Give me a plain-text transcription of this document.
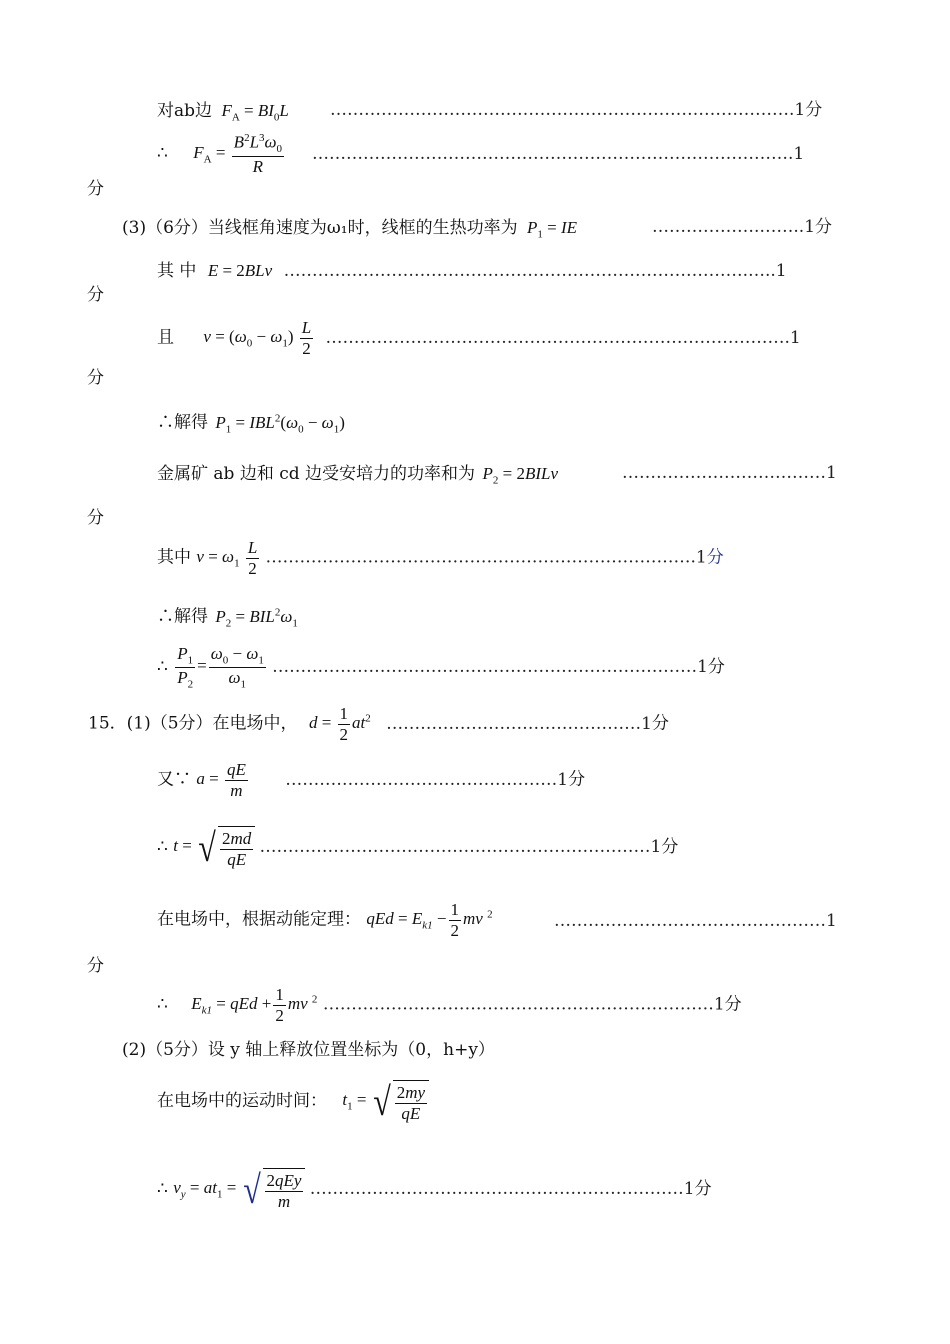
对ab边 $F_A = BI_0L$ ……………………………………………………………………….1分
∴ $F_A = \frac{B^2L^3\omega_0}{R}$ ………………………………………………………………………….1
分
(3)（6分）当线框角速度为ω₁时，线框的生热功率为 $P_1$ = IE	……………….……..1分
其 中 E = 2BLv ……………………………………………………………………….…..1
分
且 $v = (\omega_0 - \omega_1) \frac{L}{2}$ ……………………………………………………………………….1
分
∴解得 $P_1 = IBL^2(\omega_0 - \omega_1)$
金属矿 ab 边和 cd 边受安培力的功率和为 $P_2$ = 2BILv	………………………………1
分
其中 $v = \omega_1 \frac{L}{2}$ ………………………………………………………………….1分
∴解得 $P_2 = BIL^2\omega_1$
∴ $\frac{P_1}{P_2} = \frac{\omega_0 - \omega_1}{\omega_1}$ …………………………………………………………………1分
15．(1)（5分）在电场中， $d = \frac{1}{2} at^2$ ………………………………………1分
又∵ $a = \frac{qE}{m}$ …………………………………………1分
∴ t = √ $\frac{2md}{qE}$ ……………………………………………………………1分
在电场中，根据动能定理： qEd = $E_{k1} - \frac{1}{2}$ mv $^2$	…………………………………………1
分
∴ $E_{k1}$ = qEd + $\frac{1}{2}$ mv $^2$ ……………………………………………………………1分
(2)（5分）设 y 轴上释放位置坐标为（0，h+y）
在电场中的运动时间： $t_1$ = √ $\frac{2my}{qE}$
∴ $v_y = at_1$ = √ $\frac{\text{2qEy}}{m}$ …………………………………………………………1分
